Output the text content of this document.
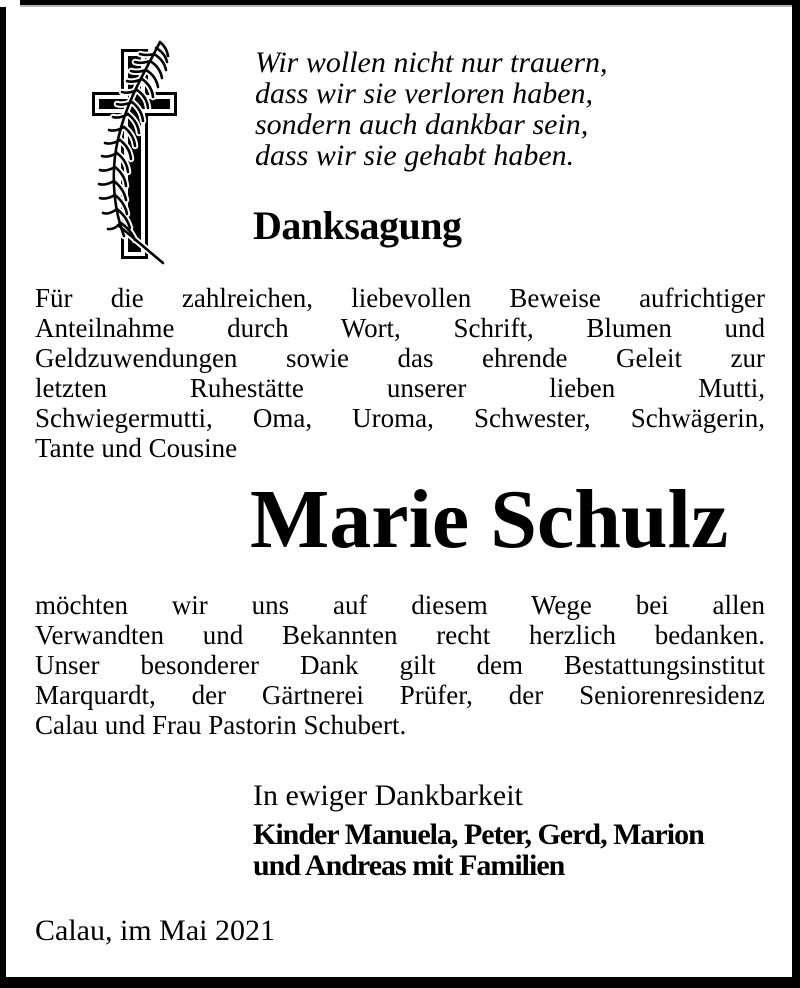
Wir wollen nicht nur trauern,
dass wir sie verloren haben,
sondern auch dankbar sein,
dass wir sie gehabt haben.
Danksagung
Für die zahlreichen, liebevollen Beweise aufrichtiger
Anteilnahme durch Wort, Schrift, Blumen und
Geldzuwendungen sowie das ehrende Geleit zur
letzten Ruhestätte unserer lieben Mutti,
Schwiegermutti, Oma, Uroma, Schwester, Schwägerin,
Tante und Cousine
Marie Schulz
möchten wir uns auf diesem Wege bei allen
Verwandten und Bekannten recht herzlich bedanken.
Unser besonderer Dank gilt dem Bestattungsinstitut
Marquardt, der Gärtnerei Prüfer, der Seniorenresidenz
Calau und Frau Pastorin Schubert.
In ewiger Dankbarkeit
Kinder Manuela, Peter, Gerd, Marion
und Andreas mit Familien
Calau, im Mai 2021
